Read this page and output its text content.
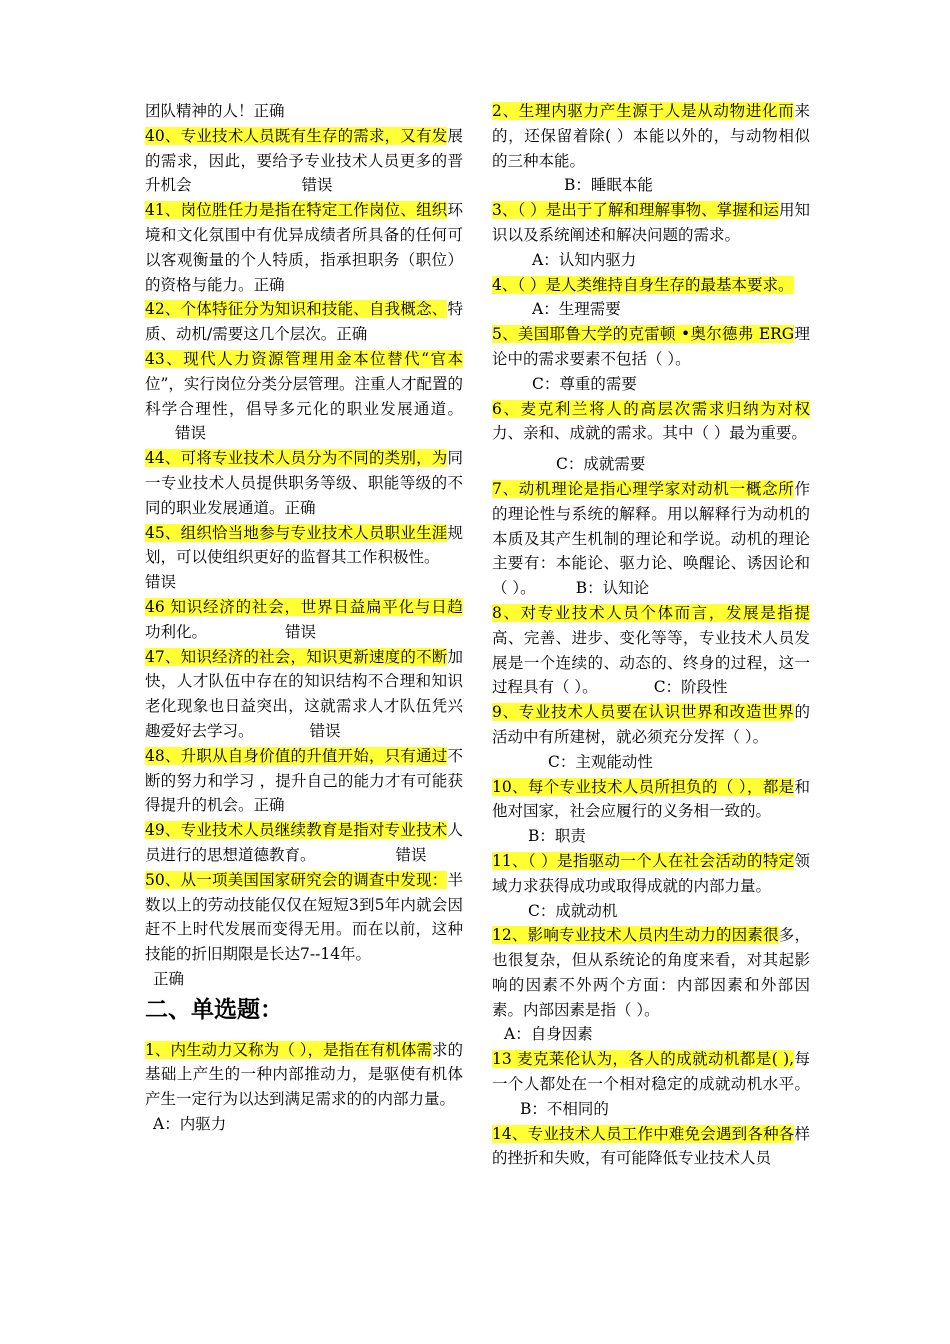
团队精神的人！正确

40、专业技术人员既有生存的需求，又有发展的需求，因此，要给予专业技术人员更多的晋升机会	错误

41、岗位胜任力是指在特定工作岗位、组织环境和文化氛围中有优异成绩者所具备的任何可以客观衡量的个人特质，指承担职务（职位）的资格与能力。正确

42、个体特征分为知识和技能、自我概念、特质、动机/需要这几个层次。正确

43、现代人力资源管理用金本位替代“官本位”，实行岗位分类分层管理。注重人才配置的科学合理性，倡导多元化的职业发展通道。错误

44、可将专业技术人员分为不同的类别，为同一专业技术人员提供职务等级、职能等级的不同的职业发展通道。正确

45、组织恰当地参与专业技术人员职业生涯规划，可以使组织更好的监督其工作积极性。

错误

46 知识经济的社会，世界日益扁平化与日趋功利化。	错误

47、知识经济的社会，知识更新速度的不断加快，人才队伍中存在的知识结构不合理和知识老化现象也日益突出，这就需求人才队伍凭兴趣爱好去学习。	错误

48、升职从自身价值的升值开始，只有通过不断的努力和学习 ，提升自己的能力才有可能获得提升的机会。正确

49、专业技术人员继续教育是指对专业技术人员进行的思想道德教育。	错误

50、从一项美国国家研究会的调查中发现：半数以上的劳动技能仅仅在短短3到5年内就会因赶不上时代发展而变得无用。而在以前，这种技能的折旧期限是长达7--14年。

正确

二、单选题：

1、内生动力又称为（ ），是指在有机体需求的基础上产生的一种内部推动力，是驱使有机体产生一定行为以达到满足需求的的内部力量。

A：内驱力

2、生理内驱力产生源于人是从动物进化而来的，还保留着除( ）本能以外的，与动物相似的三种本能。

B：睡眠本能

3、（ ）是出于了解和理解事物、掌握和运用知识以及系统阐述和解决问题的需求。

A：认知内驱力

4、（ ）是人类维持自身生存的最基本要求。

A：生理需要

5、美国耶鲁大学的克雷顿 •奥尔德弗 ERG理论中的需求要素不包括（ ）。

C：尊重的需要

6、麦克利兰将人的高层次需求归纳为对权力、亲和、成就的需求。其中（ ）最为重要。

C：成就需要

7、动机理论是指心理学家对动机一概念所作的理论性与系统的解释。用以解释行为动机的本质及其产生机制的理论和学说。动机的理论主要有：本能论、驱力论、唤醒论、诱因论和（ ）。	B：认知论

8、对专业技术人员个体而言，发展是指提高、完善、进步、变化等等，专业技术人员发展是一个连续的、动态的、终身的过程，这一过程具有（ ）。	C：阶段性

9、专业技术人员要在认识世界和改造世界的活动中有所建树，就必须充分发挥（ ）。

C：主观能动性

10、每个专业技术人员所担负的（ ），都是和他对国家，社会应履行的义务相一致的。

B：职责

11、（ ）是指驱动一个人在社会活动的特定领域力求获得成功或取得成就的内部力量。

C：成就动机

12、影响专业技术人员内生动力的因素很多，也很复杂，但从系统论的角度来看，对其起影响的因素不外两个方面：内部因素和外部因素。内部因素是指（ ）。

A：自身因素

13 麦克莱伦认为，各人的成就动机都是( ),每一个人都处在一个相对稳定的成就动机水平。B：不相同的

14、专业技术人员工作中难免会遇到各种各样的挫折和失败，有可能降低专业技术人员
